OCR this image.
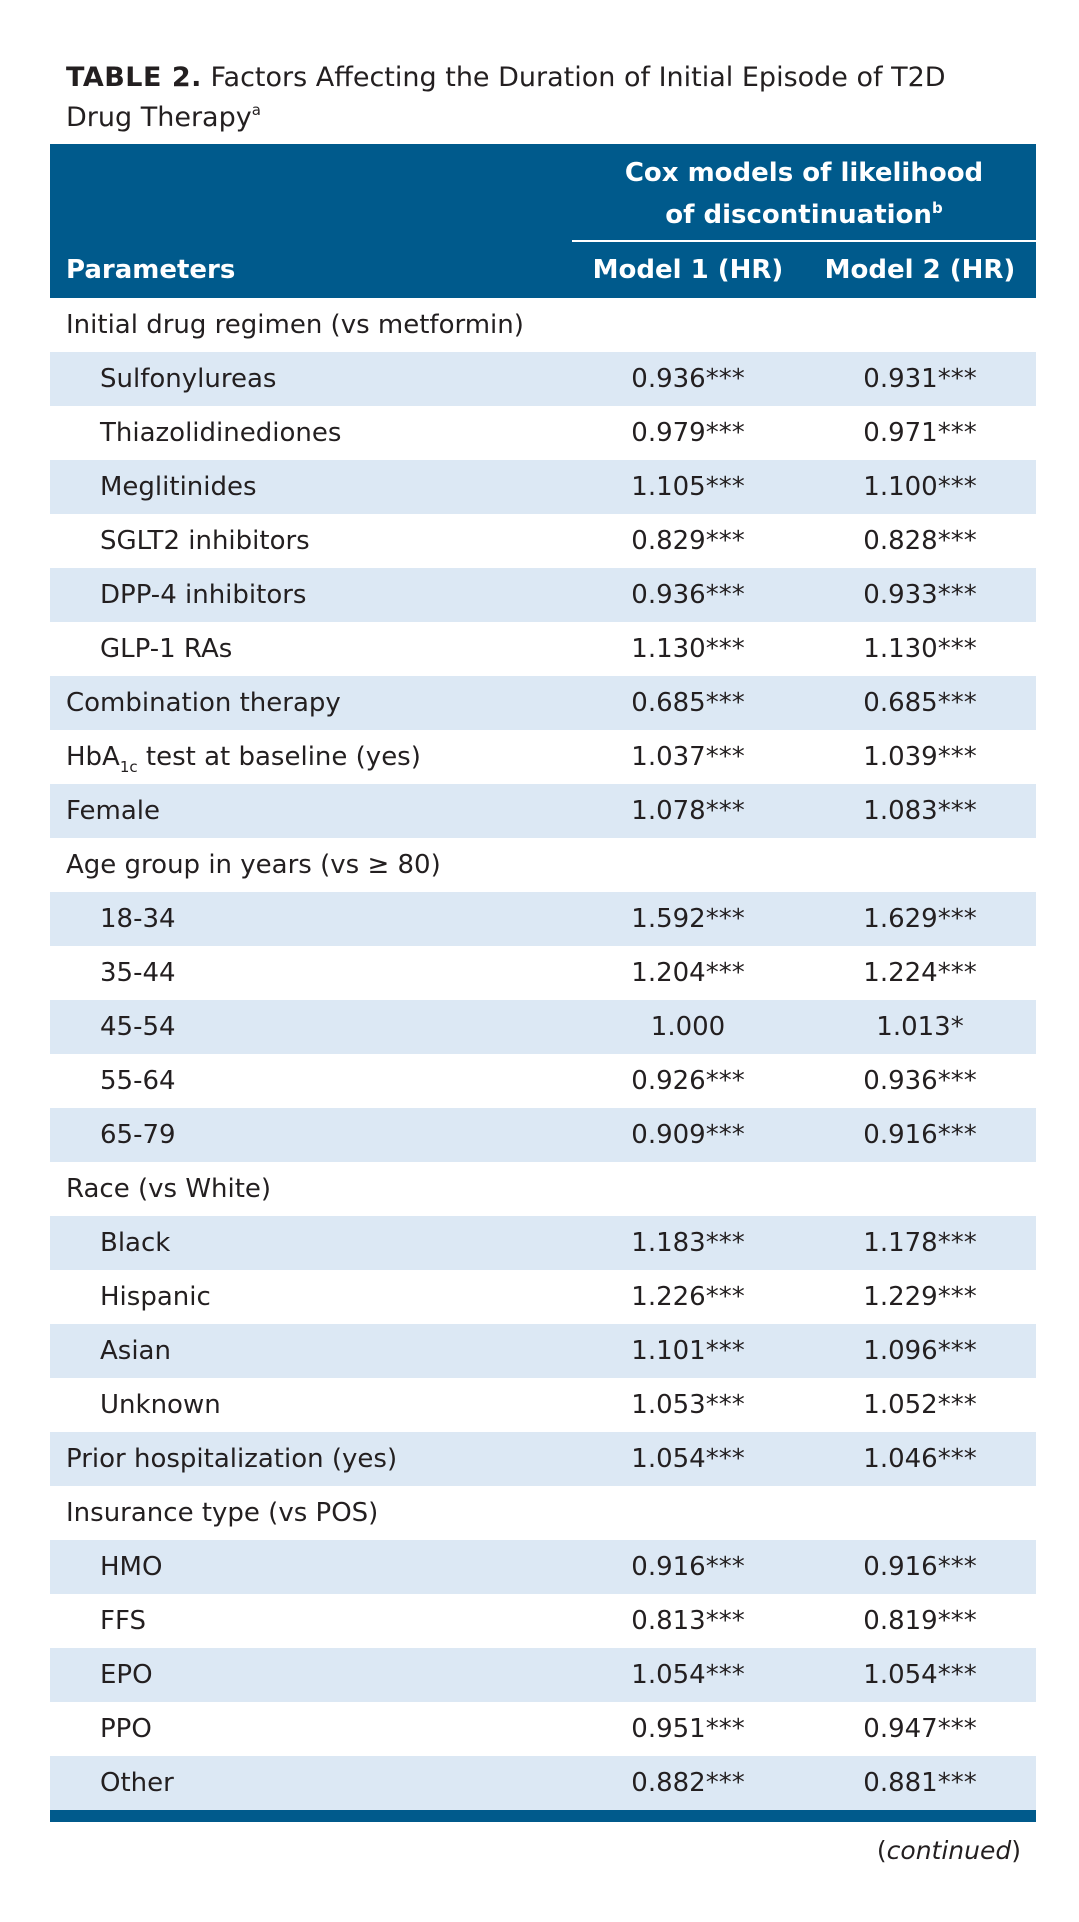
TABLE 2. Factors Affecting the Duration of Initial Episode of T2D Drug Therapy$^a$
Cox models of likelihood
of discontinuation$^b$
Parameters	Model 1 (HR)	Model 2 (HR)
Initial drug regimen (vs metformin)
Sulfonylureas	0.936***	0.931***
Thiazolidinediones	0.979***	0.971***
Meglitinides	1.105***	1.100***
SGLT2 inhibitors	0.829***	0.828***
DPP-4 inhibitors	0.936***	0.933***
GLP-1 RAs	1.130***	1.130***
Combination therapy	0.685***	0.685***
HbA$_{1c}$ test at baseline (yes)	1.037***	1.039***
Female	1.078***	1.083***
Age group in years (vs ≥ 80)
18-34	1.592***	1.629***
35-44	1.204***	1.224***
45-54	1.000	1.013*
55-64	0.926***	0.936***
65-79	0.909***	0.916***
Race (vs White)
Black	1.183***	1.178***
Hispanic	1.226***	1.229***
Asian	1.101***	1.096***
Unknown	1.053***	1.052***
Prior hospitalization (yes)	1.054***	1.046***
Insurance type (vs POS)
HMO	0.916***	0.916***
FFS	0.813***	0.819***
EPO	1.054***	1.054***
PPO	0.951***	0.947***
Other	0.882***	0.881***
(continued)
